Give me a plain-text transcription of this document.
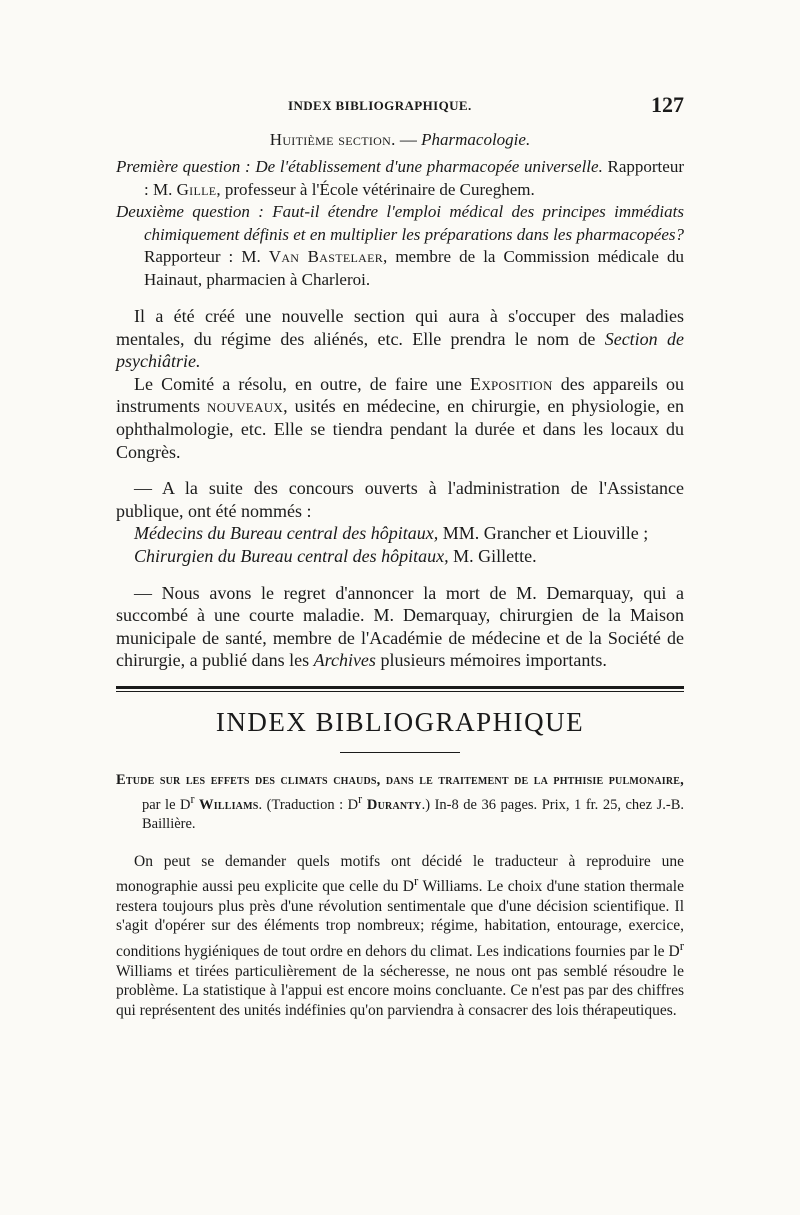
INDEX BIBLIOGRAPHIQUE.	127
Huitième section. — Pharmacologie.

Première question : De l'établissement d'une pharmacopée universelle. Rapporteur : M. Gille, professeur à l'École vétérinaire de Cureghem.

Deuxième question : Faut-il étendre l'emploi médical des principes immédiats chimiquement définis et en multiplier les préparations dans les pharmacopées? Rapporteur : M. Van Bastelaer, membre de la Commission médicale du Hainaut, pharmacien à Charleroi.

Il a été créé une nouvelle section qui aura à s'occuper des maladies mentales, du régime des aliénés, etc. Elle prendra le nom de Section de psychiâtrie.

Le Comité a résolu, en outre, de faire une Exposition des appareils ou instruments nouveaux, usités en médecine, en chirurgie, en physiologie, en ophthalmologie, etc. Elle se tiendra pendant la durée et dans les locaux du Congrès.

— A la suite des concours ouverts à l'administration de l'Assistance publique, ont été nommés :

Médecins du Bureau central des hôpitaux, MM. Grancher et Liouville ;

Chirurgien du Bureau central des hôpitaux, M. Gillette.

— Nous avons le regret d'annoncer la mort de M. Demarquay, qui a succombé à une courte maladie. M. Demarquay, chirurgien de la Maison municipale de santé, membre de l'Académie de médecine et de la Société de chirurgie, a publié dans les Archives plusieurs mémoires importants.

INDEX BIBLIOGRAPHIQUE

Etude sur les effets des climats chauds, dans le traitement de la phthisie pulmonaire, par le $D^r$ Williams. (Traduction : $D^r$ Duranty.) In-8 de 36 pages. Prix, 1 fr. 25, chez J.-B. Baillière.

On peut se demander quels motifs ont décidé le traducteur à reproduire une monographie aussi peu explicite que celle du $D^r$ Williams. Le choix d'une station thermale restera toujours plus près d'une révolution sentimentale que d'une décision scientifique. Il s'agit d'opérer sur des éléments trop nombreux; régime, habitation, entourage, exercice, conditions hygiéniques de tout ordre en dehors du climat. Les indications fournies par le $D^r$ Williams et tirées particulièrement de la sécheresse, ne nous ont pas semblé résoudre le problème. La statistique à l'appui est encore moins concluante. Ce n'est pas par des chiffres qui représentent des unités indéfinies qu'on parviendra à consacrer des lois thérapeutiques.
